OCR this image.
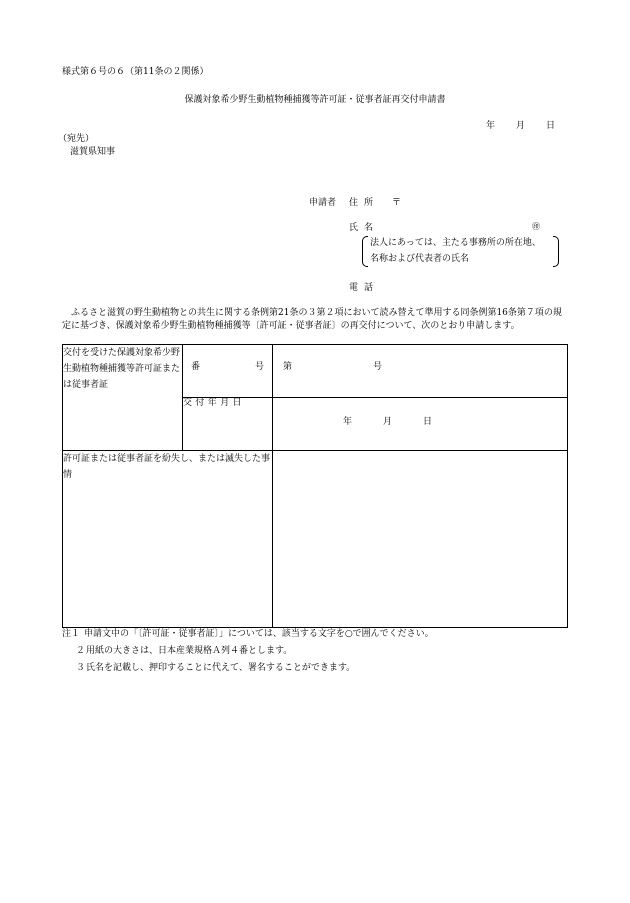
様式第６号の６（第11条の２関係）
保護対象希少野生動植物種捕獲等許可証・従事者証再交付申請書
年 月 日
（宛先）
滋賀県知事
申請者 住所 〒
氏名	㊞
法人にあっては、主たる事務所の所在地、
名称および代表者の氏名
電話
ふるさと滋賀の野生動植物との共生に関する条例第21条の３第２項において読み替えて準用する同条例第16条第７項の規定に基づき、保護対象希少野生動植物種捕獲等〔許可証・従事者証〕の再交付について、次のとおり申請します。
交付を受けた保護対象希少野生動植物種捕獲等許可証または従事者証	番 号	第 号

	交付年月日	年 月 日

許可証または従事者証を紛失し、または滅失した事情		
注１ 申請文中の「〔許可証・従事者証〕」については、該当する文字を○で囲んでください。
２用紙の大きさは、日本産業規格Ａ列４番とします。
３氏名を記載し、押印することに代えて、署名することができます。
